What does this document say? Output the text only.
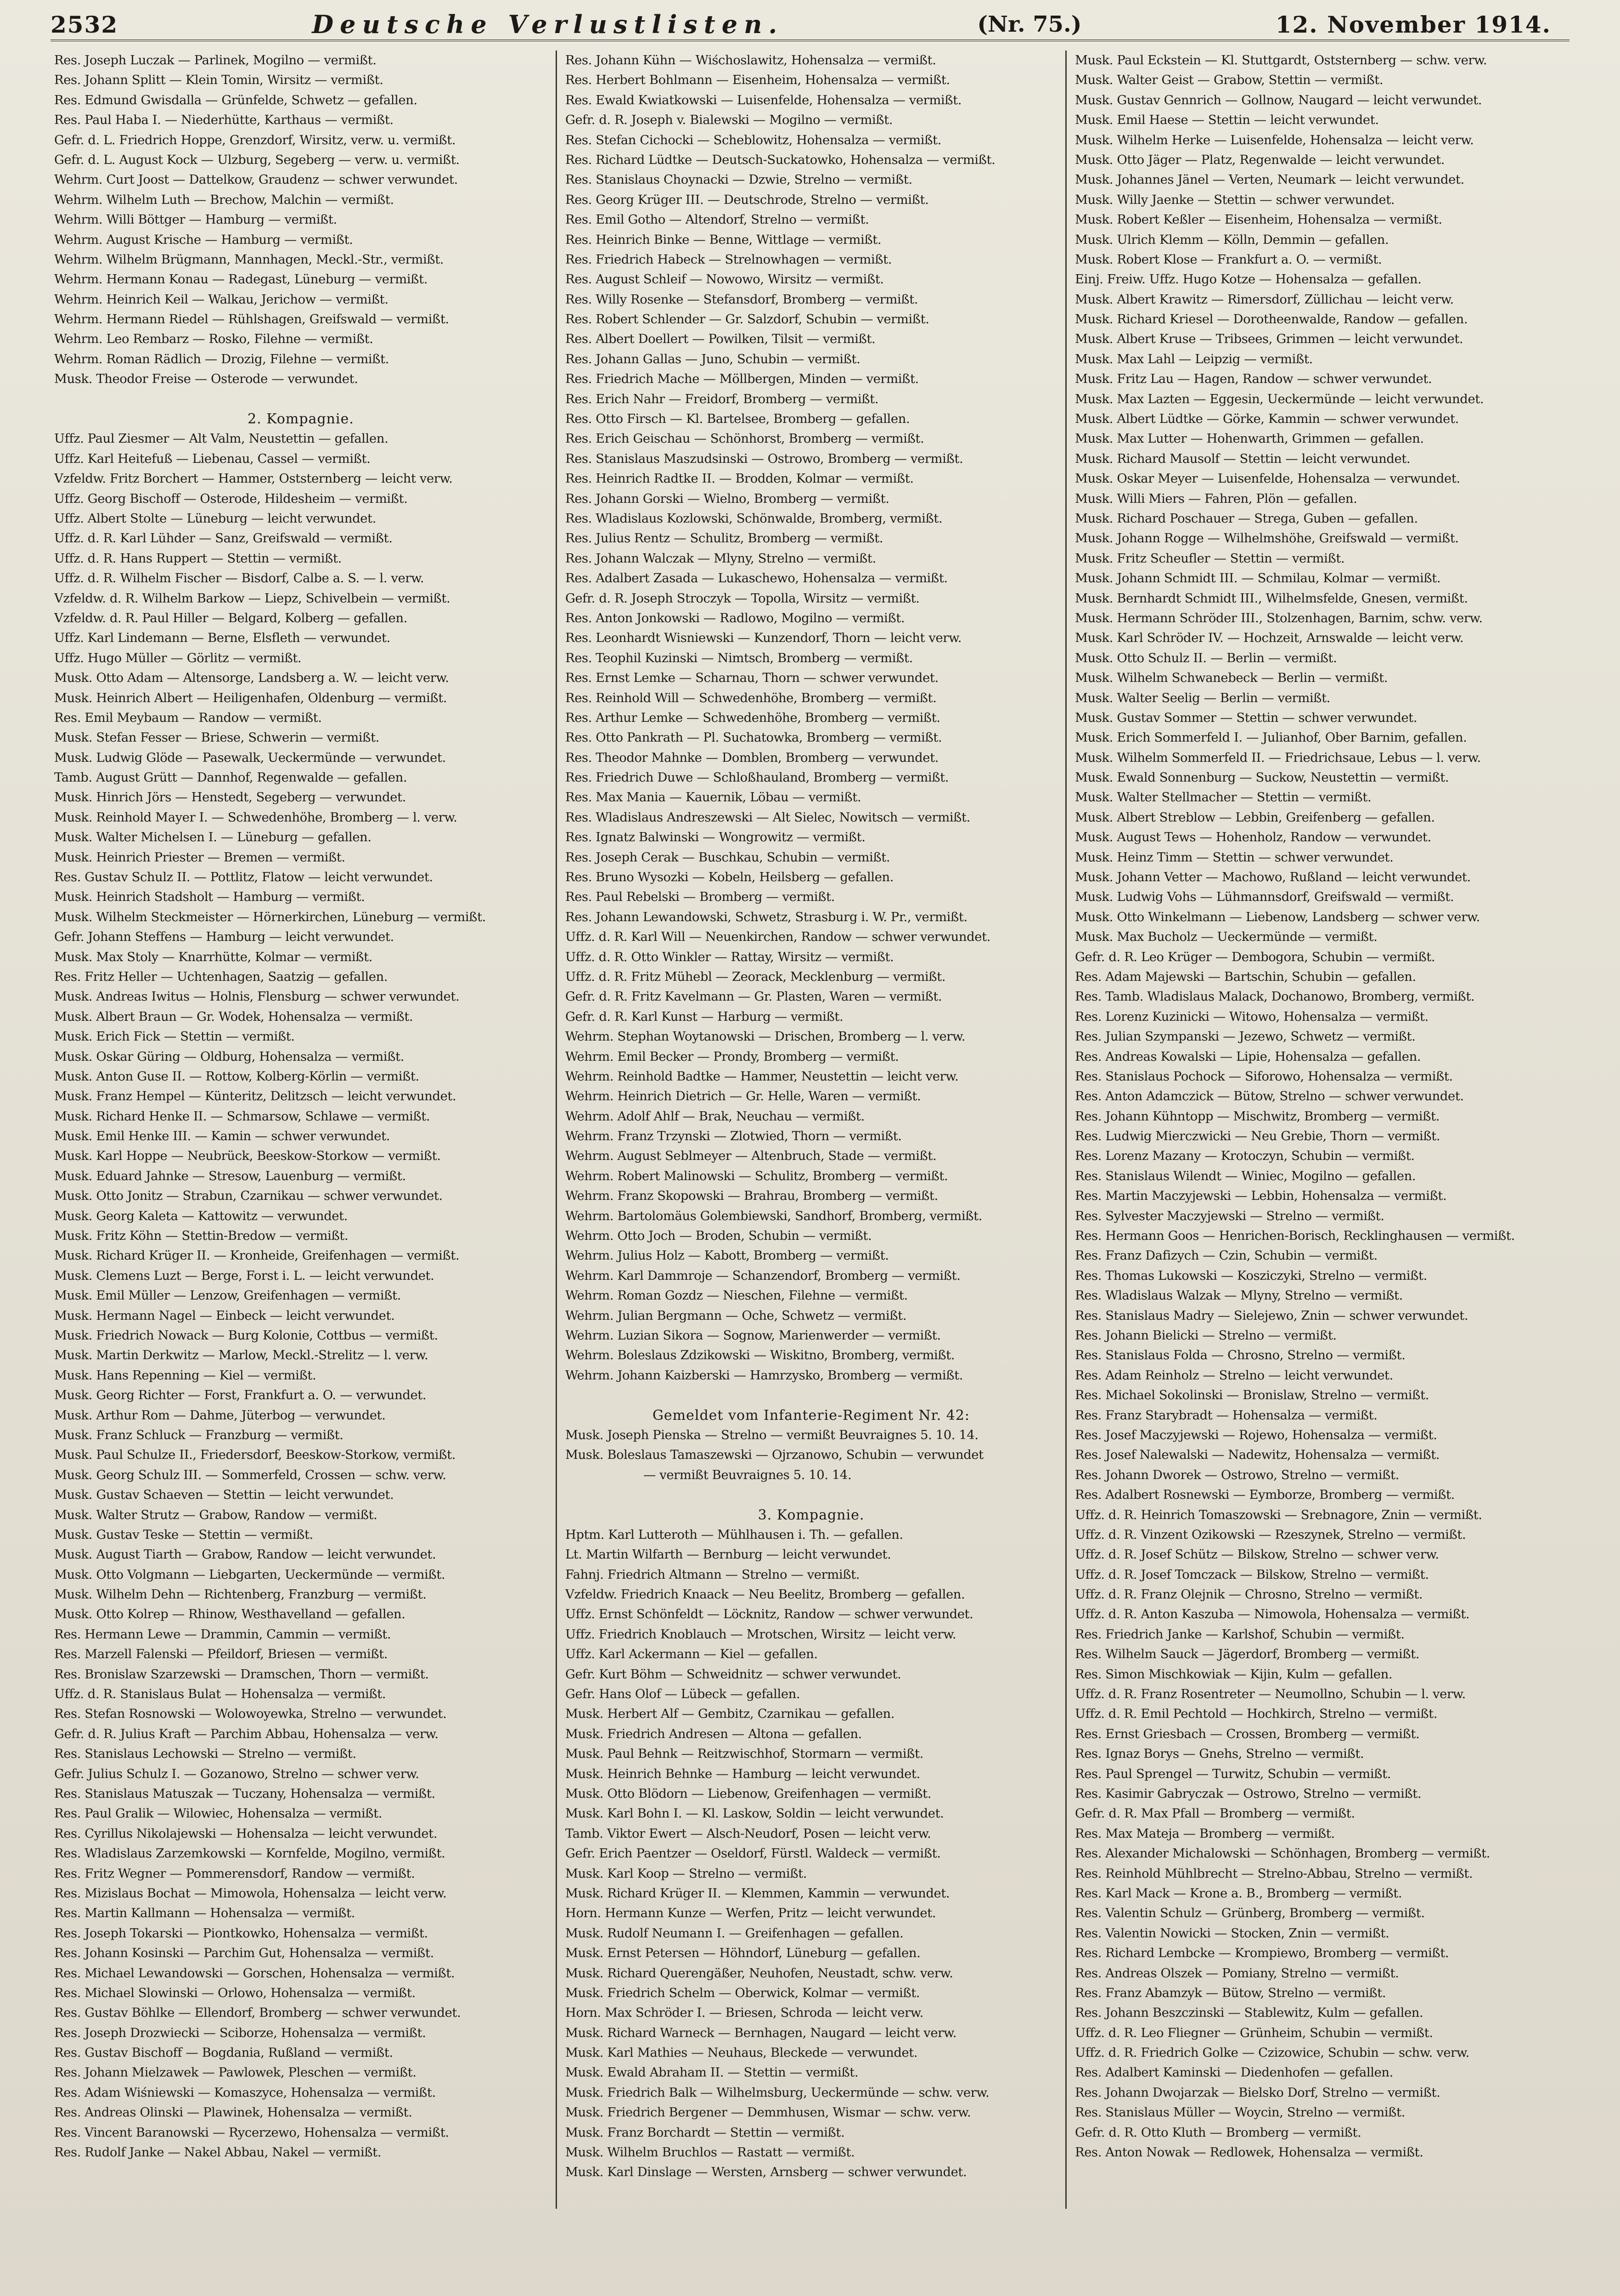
2532	Deutsche Verlustlisten.	(Nr. 75.)	12. November 1914.
Res. Joseph Luczak — Parlinek, Mogilno — vermißt.
Res. Johann Splitt — Klein Tomin, Wirsitz — vermißt.
Res. Edmund Gwisdalla — Grünfelde, Schwetz — gefallen.
Res. Paul Haba I. — Niederhütte, Karthaus — vermißt.
Gefr. d. L. Friedrich Hoppe, Grenzdorf, Wirsitz, verw. u. vermißt.
Gefr. d. L. August Kock — Ulzburg, Segeberg — verw. u. vermißt.
Wehrm. Curt Joost — Dattelkow, Graudenz — schwer verwundet.
Wehrm. Wilhelm Luth — Brechow, Malchin — vermißt.
Wehrm. Willi Böttger — Hamburg — vermißt.
Wehrm. August Krische — Hamburg — vermißt.
Wehrm. Wilhelm Brügmann, Mannhagen, Meckl.-Str., vermißt.
Wehrm. Hermann Konau — Radegast, Lüneburg — vermißt.
Wehrm. Heinrich Keil — Walkau, Jerichow — vermißt.
Wehrm. Hermann Riedel — Rühlshagen, Greifswald — vermißt.
Wehrm. Leo Rembarz — Rosko, Filehne — vermißt.
Wehrm. Roman Rädlich — Drozig, Filehne — vermißt.
Musk. Theodor Freise — Osterode — verwundet.
2. Kompagnie.
Uffz. Paul Ziesmer — Alt Valm, Neustettin — gefallen.
Uffz. Karl Heitefuß — Liebenau, Cassel — vermißt.
Vzfeldw. Fritz Borchert — Hammer, Oststernberg — leicht verw.
Uffz. Georg Bischoff — Osterode, Hildesheim — vermißt.
Uffz. Albert Stolte — Lüneburg — leicht verwundet.
Uffz. d. R. Karl Lühder — Sanz, Greifswald — vermißt.
Uffz. d. R. Hans Ruppert — Stettin — vermißt.
Uffz. d. R. Wilhelm Fischer — Bisdorf, Calbe a. S. — l. verw.
Vzfeldw. d. R. Wilhelm Barkow — Liepz, Schivelbein — vermißt.
Vzfeldw. d. R. Paul Hiller — Belgard, Kolberg — gefallen.
Uffz. Karl Lindemann — Berne, Elsfleth — verwundet.
Uffz. Hugo Müller — Görlitz — vermißt.
Musk. Otto Adam — Altensorge, Landsberg a. W. — leicht verw.
Musk. Heinrich Albert — Heiligenhafen, Oldenburg — vermißt.
Res. Emil Meybaum — Randow — vermißt.
Musk. Stefan Fesser — Briese, Schwerin — vermißt.
Musk. Ludwig Glöde — Pasewalk, Ueckermünde — verwundet.
Tamb. August Grütt — Dannhof, Regenwalde — gefallen.
Musk. Hinrich Jörs — Henstedt, Segeberg — verwundet.
Musk. Reinhold Mayer I. — Schwedenhöhe, Bromberg — l. verw.
Musk. Walter Michelsen I. — Lüneburg — gefallen.
Musk. Heinrich Priester — Bremen — vermißt.
Res. Gustav Schulz II. — Pottlitz, Flatow — leicht verwundet.
Musk. Heinrich Stadsholt — Hamburg — vermißt.
Musk. Wilhelm Steckmeister — Hörnerkirchen, Lüneburg — vermißt.
Gefr. Johann Steffens — Hamburg — leicht verwundet.
Musk. Max Stoly — Knarrhütte, Kolmar — vermißt.
Res. Fritz Heller — Uchtenhagen, Saatzig — gefallen.
Musk. Andreas Iwitus — Holnis, Flensburg — schwer verwundet.
Musk. Albert Braun — Gr. Wodek, Hohensalza — vermißt.
Musk. Erich Fick — Stettin — vermißt.
Musk. Oskar Güring — Oldburg, Hohensalza — vermißt.
Musk. Anton Guse II. — Rottow, Kolberg-Körlin — vermißt.
Musk. Franz Hempel — Künteritz, Delitzsch — leicht verwundet.
Musk. Richard Henke II. — Schmarsow, Schlawe — vermißt.
Musk. Emil Henke III. — Kamin — schwer verwundet.
Musk. Karl Hoppe — Neubrück, Beeskow-Storkow — vermißt.
Musk. Eduard Jahnke — Stresow, Lauenburg — vermißt.
Musk. Otto Jonitz — Strabun, Czarnikau — schwer verwundet.
Musk. Georg Kaleta — Kattowitz — verwundet.
Musk. Fritz Köhn — Stettin-Bredow — vermißt.
Musk. Richard Krüger II. — Kronheide, Greifenhagen — vermißt.
Musk. Clemens Luzt — Berge, Forst i. L. — leicht verwundet.
Musk. Emil Müller — Lenzow, Greifenhagen — vermißt.
Musk. Hermann Nagel — Einbeck — leicht verwundet.
Musk. Friedrich Nowack — Burg Kolonie, Cottbus — vermißt.
Musk. Martin Derkwitz — Marlow, Meckl.-Strelitz — l. verw.
Musk. Hans Repenning — Kiel — vermißt.
Musk. Georg Richter — Forst, Frankfurt a. O. — verwundet.
Musk. Arthur Rom — Dahme, Jüterbog — verwundet.
Musk. Franz Schluck — Franzburg — vermißt.
Musk. Paul Schulze II., Friedersdorf, Beeskow-Storkow, vermißt.
Musk. Georg Schulz III. — Sommerfeld, Crossen — schw. verw.
Musk. Gustav Schaeven — Stettin — leicht verwundet.
Musk. Walter Strutz — Grabow, Randow — vermißt.
Musk. Gustav Teske — Stettin — vermißt.
Musk. August Tiarth — Grabow, Randow — leicht verwundet.
Musk. Otto Volgmann — Liebgarten, Ueckermünde — vermißt.
Musk. Wilhelm Dehn — Richtenberg, Franzburg — vermißt.
Musk. Otto Kolrep — Rhinow, Westhavelland — gefallen.
Res. Hermann Lewe — Drammin, Cammin — vermißt.
Res. Marzell Falenski — Pfeildorf, Briesen — vermißt.
Res. Bronislaw Szarzewski — Dramschen, Thorn — vermißt.
Uffz. d. R. Stanislaus Bulat — Hohensalza — vermißt.
Res. Stefan Rosnowski — Wolowoyewka, Strelno — verwundet.
Gefr. d. R. Julius Kraft — Parchim Abbau, Hohensalza — verw.
Res. Stanislaus Lechowski — Strelno — vermißt.
Gefr. Julius Schulz I. — Gozanowo, Strelno — schwer verw.
Res. Stanislaus Matuszak — Tuczany, Hohensalza — vermißt.
Res. Paul Gralik — Wilowiec, Hohensalza — vermißt.
Res. Cyrillus Nikolajewski — Hohensalza — leicht verwundet.
Res. Wladislaus Zarzemkowski — Kornfelde, Mogilno, vermißt.
Res. Fritz Wegner — Pommerensdorf, Randow — vermißt.
Res. Mizislaus Bochat — Mimowola, Hohensalza — leicht verw.
Res. Martin Kallmann — Hohensalza — vermißt.
Res. Joseph Tokarski — Piontkowko, Hohensalza — vermißt.
Res. Johann Kosinski — Parchim Gut, Hohensalza — vermißt.
Res. Michael Lewandowski — Gorschen, Hohensalza — vermißt.
Res. Michael Slowinski — Orlowo, Hohensalza — vermißt.
Res. Gustav Böhlke — Ellendorf, Bromberg — schwer verwundet.
Res. Joseph Drozwiecki — Sciborze, Hohensalza — vermißt.
Res. Gustav Bischoff — Bogdania, Rußland — vermißt.
Res. Johann Mielzawek — Pawlowek, Pleschen — vermißt.
Res. Adam Wiśniewski — Komaszyce, Hohensalza — vermißt.
Res. Andreas Olinski — Plawinek, Hohensalza — vermißt.
Res. Vincent Baranowski — Rycerzewo, Hohensalza — vermißt.
Res. Rudolf Janke — Nakel Abbau, Nakel — vermißt.
Res. Johann Kühn — Wiśchoslawitz, Hohensalza — vermißt.
Res. Herbert Bohlmann — Eisenheim, Hohensalza — vermißt.
Res. Ewald Kwiatkowski — Luisenfelde, Hohensalza — vermißt.
Gefr. d. R. Joseph v. Bialewski — Mogilno — vermißt.
Res. Stefan Cichocki — Scheblowitz, Hohensalza — vermißt.
Res. Richard Lüdtke — Deutsch-Suckatowko, Hohensalza — vermißt.
Res. Stanislaus Choynacki — Dzwie, Strelno — vermißt.
Res. Georg Krüger III. — Deutschrode, Strelno — vermißt.
Res. Emil Gotho — Altendorf, Strelno — vermißt.
Res. Heinrich Binke — Benne, Wittlage — vermißt.
Res. Friedrich Habeck — Strelnowhagen — vermißt.
Res. August Schleif — Nowowo, Wirsitz — vermißt.
Res. Willy Rosenke — Stefansdorf, Bromberg — vermißt.
Res. Robert Schlender — Gr. Salzdorf, Schubin — vermißt.
Res. Albert Doellert — Powilken, Tilsit — vermißt.
Res. Johann Gallas — Juno, Schubin — vermißt.
Res. Friedrich Mache — Möllbergen, Minden — vermißt.
Res. Erich Nahr — Freidorf, Bromberg — vermißt.
Res. Otto Firsch — Kl. Bartelsee, Bromberg — gefallen.
Res. Erich Geischau — Schönhorst, Bromberg — vermißt.
Res. Stanislaus Maszudsinski — Ostrowo, Bromberg — vermißt.
Res. Heinrich Radtke II. — Brodden, Kolmar — vermißt.
Res. Johann Gorski — Wielno, Bromberg — vermißt.
Res. Wladislaus Kozlowski, Schönwalde, Bromberg, vermißt.
Res. Julius Rentz — Schulitz, Bromberg — vermißt.
Res. Johann Walczak — Mlyny, Strelno — vermißt.
Res. Adalbert Zasada — Lukaschewo, Hohensalza — vermißt.
Gefr. d. R. Joseph Stroczyk — Topolla, Wirsitz — vermißt.
Res. Anton Jonkowski — Radlowo, Mogilno — vermißt.
Res. Leonhardt Wisniewski — Kunzendorf, Thorn — leicht verw.
Res. Teophil Kuzinski — Nimtsch, Bromberg — vermißt.
Res. Ernst Lemke — Scharnau, Thorn — schwer verwundet.
Res. Reinhold Will — Schwedenhöhe, Bromberg — vermißt.
Res. Arthur Lemke — Schwedenhöhe, Bromberg — vermißt.
Res. Otto Pankrath — Pl. Suchatowka, Bromberg — vermißt.
Res. Theodor Mahnke — Domblen, Bromberg — verwundet.
Res. Friedrich Duwe — Schloßhauland, Bromberg — vermißt.
Res. Max Mania — Kauernik, Löbau — vermißt.
Res. Wladislaus Andreszewski — Alt Sielec, Nowitsch — vermißt.
Res. Ignatz Balwinski — Wongrowitz — vermißt.
Res. Joseph Cerak — Buschkau, Schubin — vermißt.
Res. Bruno Wysozki — Kobeln, Heilsberg — gefallen.
Res. Paul Rebelski — Bromberg — vermißt.
Res. Johann Lewandowski, Schwetz, Strasburg i. W. Pr., vermißt.
Uffz. d. R. Karl Will — Neuenkirchen, Randow — schwer verwundet.
Uffz. d. R. Otto Winkler — Rattay, Wirsitz — vermißt.
Uffz. d. R. Fritz Mühebl — Zeorack, Mecklenburg — vermißt.
Gefr. d. R. Fritz Kavelmann — Gr. Plasten, Waren — vermißt.
Gefr. d. R. Karl Kunst — Harburg — vermißt.
Wehrm. Stephan Woytanowski — Drischen, Bromberg — l. verw.
Wehrm. Emil Becker — Prondy, Bromberg — vermißt.
Wehrm. Reinhold Badtke — Hammer, Neustettin — leicht verw.
Wehrm. Heinrich Dietrich — Gr. Helle, Waren — vermißt.
Wehrm. Adolf Ahlf — Brak, Neuchau — vermißt.
Wehrm. Franz Trzynski — Zlotwied, Thorn — vermißt.
Wehrm. August Seblmeyer — Altenbruch, Stade — vermißt.
Wehrm. Robert Malinowski — Schulitz, Bromberg — vermißt.
Wehrm. Franz Skopowski — Brahrau, Bromberg — vermißt.
Wehrm. Bartolomäus Golembiewski, Sandhorf, Bromberg, vermißt.
Wehrm. Otto Joch — Broden, Schubin — vermißt.
Wehrm. Julius Holz — Kabott, Bromberg — vermißt.
Wehrm. Karl Dammroje — Schanzendorf, Bromberg — vermißt.
Wehrm. Roman Gozdz — Nieschen, Filehne — vermißt.
Wehrm. Julian Bergmann — Oche, Schwetz — vermißt.
Wehrm. Luzian Sikora — Sognow, Marienwerder — vermißt.
Wehrm. Boleslaus Zdzikowski — Wiskitno, Bromberg, vermißt.
Wehrm. Johann Kaizberski — Hamrzysko, Bromberg — vermißt.
Gemeldet vom Infanterie-Regiment Nr. 42:
Musk. Joseph Pienska — Strelno — vermißt Beuvraignes 5. 10. 14.
Musk. Boleslaus Tamaszewski — Ojrzanowo, Schubin — verwundet
— vermißt Beuvraignes 5. 10. 14.
3. Kompagnie.
Hptm. Karl Lutteroth — Mühlhausen i. Th. — gefallen.
Lt. Martin Wilfarth — Bernburg — leicht verwundet.
Fahnj. Friedrich Altmann — Strelno — vermißt.
Vzfeldw. Friedrich Knaack — Neu Beelitz, Bromberg — gefallen.
Uffz. Ernst Schönfeldt — Löcknitz, Randow — schwer verwundet.
Uffz. Friedrich Knoblauch — Mrotschen, Wirsitz — leicht verw.
Uffz. Karl Ackermann — Kiel — gefallen.
Gefr. Kurt Böhm — Schweidnitz — schwer verwundet.
Gefr. Hans Olof — Lübeck — gefallen.
Musk. Herbert Alf — Gembitz, Czarnikau — gefallen.
Musk. Friedrich Andresen — Altona — gefallen.
Musk. Paul Behnk — Reitzwischhof, Stormarn — vermißt.
Musk. Heinrich Behnke — Hamburg — leicht verwundet.
Musk. Otto Blödorn — Liebenow, Greifenhagen — vermißt.
Musk. Karl Bohn I. — Kl. Laskow, Soldin — leicht verwundet.
Tamb. Viktor Ewert — Alsch-Neudorf, Posen — leicht verw.
Gefr. Erich Paentzer — Oseldorf, Fürstl. Waldeck — vermißt.
Musk. Karl Koop — Strelno — vermißt.
Musk. Richard Krüger II. — Klemmen, Kammin — verwundet.
Horn. Hermann Kunze — Werfen, Pritz — leicht verwundet.
Musk. Rudolf Neumann I. — Greifenhagen — gefallen.
Musk. Ernst Petersen — Höhndorf, Lüneburg — gefallen.
Musk. Richard Querengäßer, Neuhofen, Neustadt, schw. verw.
Musk. Friedrich Schelm — Oberwick, Kolmar — vermißt.
Horn. Max Schröder I. — Briesen, Schroda — leicht verw.
Musk. Richard Warneck — Bernhagen, Naugard — leicht verw.
Musk. Karl Mathies — Neuhaus, Bleckede — verwundet.
Musk. Ewald Abraham II. — Stettin — vermißt.
Musk. Friedrich Balk — Wilhelmsburg, Ueckermünde — schw. verw.
Musk. Friedrich Bergener — Demmhusen, Wismar — schw. verw.
Musk. Franz Borchardt — Stettin — vermißt.
Musk. Wilhelm Bruchlos — Rastatt — vermißt.
Musk. Karl Dinslage — Wersten, Arnsberg — schwer verwundet.
Musk. Paul Eckstein — Kl. Stuttgardt, Oststernberg — schw. verw.
Musk. Walter Geist — Grabow, Stettin — vermißt.
Musk. Gustav Gennrich — Gollnow, Naugard — leicht verwundet.
Musk. Emil Haese — Stettin — leicht verwundet.
Musk. Wilhelm Herke — Luisenfelde, Hohensalza — leicht verw.
Musk. Otto Jäger — Platz, Regenwalde — leicht verwundet.
Musk. Johannes Jänel — Verten, Neumark — leicht verwundet.
Musk. Willy Jaenke — Stettin — schwer verwundet.
Musk. Robert Keßler — Eisenheim, Hohensalza — vermißt.
Musk. Ulrich Klemm — Kölln, Demmin — gefallen.
Musk. Robert Klose — Frankfurt a. O. — vermißt.
Einj. Freiw. Uffz. Hugo Kotze — Hohensalza — gefallen.
Musk. Albert Krawitz — Rimersdorf, Züllichau — leicht verw.
Musk. Richard Kriesel — Dorotheenwalde, Randow — gefallen.
Musk. Albert Kruse — Tribsees, Grimmen — leicht verwundet.
Musk. Max Lahl — Leipzig — vermißt.
Musk. Fritz Lau — Hagen, Randow — schwer verwundet.
Musk. Max Lazten — Eggesin, Ueckermünde — leicht verwundet.
Musk. Albert Lüdtke — Görke, Kammin — schwer verwundet.
Musk. Max Lutter — Hohenwarth, Grimmen — gefallen.
Musk. Richard Mausolf — Stettin — leicht verwundet.
Musk. Oskar Meyer — Luisenfelde, Hohensalza — verwundet.
Musk. Willi Miers — Fahren, Plön — gefallen.
Musk. Richard Poschauer — Strega, Guben — gefallen.
Musk. Johann Rogge — Wilhelmshöhe, Greifswald — vermißt.
Musk. Fritz Scheufler — Stettin — vermißt.
Musk. Johann Schmidt III. — Schmilau, Kolmar — vermißt.
Musk. Bernhardt Schmidt III., Wilhelmsfelde, Gnesen, vermißt.
Musk. Hermann Schröder III., Stolzenhagen, Barnim, schw. verw.
Musk. Karl Schröder IV. — Hochzeit, Arnswalde — leicht verw.
Musk. Otto Schulz II. — Berlin — vermißt.
Musk. Wilhelm Schwanebeck — Berlin — vermißt.
Musk. Walter Seelig — Berlin — vermißt.
Musk. Gustav Sommer — Stettin — schwer verwundet.
Musk. Erich Sommerfeld I. — Julianhof, Ober Barnim, gefallen.
Musk. Wilhelm Sommerfeld II. — Friedrichsaue, Lebus — l. verw.
Musk. Ewald Sonnenburg — Suckow, Neustettin — vermißt.
Musk. Walter Stellmacher — Stettin — vermißt.
Musk. Albert Streblow — Lebbin, Greifenberg — gefallen.
Musk. August Tews — Hohenholz, Randow — verwundet.
Musk. Heinz Timm — Stettin — schwer verwundet.
Musk. Johann Vetter — Machowo, Rußland — leicht verwundet.
Musk. Ludwig Vohs — Lühmannsdorf, Greifswald — vermißt.
Musk. Otto Winkelmann — Liebenow, Landsberg — schwer verw.
Musk. Max Bucholz — Ueckermünde — vermißt.
Gefr. d. R. Leo Krüger — Dembogora, Schubin — vermißt.
Res. Adam Majewski — Bartschin, Schubin — gefallen.
Res. Tamb. Wladislaus Malack, Dochanowo, Bromberg, vermißt.
Res. Lorenz Kuzinicki — Witowo, Hohensalza — vermißt.
Res. Julian Szympanski — Jezewo, Schwetz — vermißt.
Res. Andreas Kowalski — Lipie, Hohensalza — gefallen.
Res. Stanislaus Pochock — Siforowo, Hohensalza — vermißt.
Res. Anton Adamczick — Bütow, Strelno — schwer verwundet.
Res. Johann Kühntopp — Mischwitz, Bromberg — vermißt.
Res. Ludwig Mierczwicki — Neu Grebie, Thorn — vermißt.
Res. Lorenz Mazany — Krotoczyn, Schubin — vermißt.
Res. Stanislaus Wilendt — Winiec, Mogilno — gefallen.
Res. Martin Maczyjewski — Lebbin, Hohensalza — vermißt.
Res. Sylvester Maczyjewski — Strelno — vermißt.
Res. Hermann Goos — Henrichen-Borisch, Recklinghausen — vermißt.
Res. Franz Dafizych — Czin, Schubin — vermißt.
Res. Thomas Lukowski — Kosziczyki, Strelno — vermißt.
Res. Wladislaus Walzak — Mlyny, Strelno — vermißt.
Res. Stanislaus Madry — Sielejewo, Znin — schwer verwundet.
Res. Johann Bielicki — Strelno — vermißt.
Res. Stanislaus Folda — Chrosno, Strelno — vermißt.
Res. Adam Reinholz — Strelno — leicht verwundet.
Res. Michael Sokolinski — Bronislaw, Strelno — vermißt.
Res. Franz Starybradt — Hohensalza — vermißt.
Res. Josef Maczyjewski — Rojewo, Hohensalza — vermißt.
Res. Josef Nalewalski — Nadewitz, Hohensalza — vermißt.
Res. Johann Dworek — Ostrowo, Strelno — vermißt.
Res. Adalbert Rosnewski — Eymborze, Bromberg — vermißt.
Uffz. d. R. Heinrich Tomaszowski — Srebnagore, Znin — vermißt.
Uffz. d. R. Vinzent Ozikowski — Rzeszynek, Strelno — vermißt.
Uffz. d. R. Josef Schütz — Bilskow, Strelno — schwer verw.
Uffz. d. R. Josef Tomczack — Bilskow, Strelno — vermißt.
Uffz. d. R. Franz Olejnik — Chrosno, Strelno — vermißt.
Uffz. d. R. Anton Kaszuba — Nimowola, Hohensalza — vermißt.
Res. Friedrich Janke — Karlshof, Schubin — vermißt.
Res. Wilhelm Sauck — Jägerdorf, Bromberg — vermißt.
Res. Simon Mischkowiak — Kijin, Kulm — gefallen.
Uffz. d. R. Franz Rosentreter — Neumollno, Schubin — l. verw.
Uffz. d. R. Emil Pechtold — Hochkirch, Strelno — vermißt.
Res. Ernst Griesbach — Crossen, Bromberg — vermißt.
Res. Ignaz Borys — Gnehs, Strelno — vermißt.
Res. Paul Sprengel — Turwitz, Schubin — vermißt.
Res. Kasimir Gabryczak — Ostrowo, Strelno — vermißt.
Gefr. d. R. Max Pfall — Bromberg — vermißt.
Res. Max Mateja — Bromberg — vermißt.
Res. Alexander Michalowski — Schönhagen, Bromberg — vermißt.
Res. Reinhold Mühlbrecht — Strelno-Abbau, Strelno — vermißt.
Res. Karl Mack — Krone a. B., Bromberg — vermißt.
Res. Valentin Schulz — Grünberg, Bromberg — vermißt.
Res. Valentin Nowicki — Stocken, Znin — vermißt.
Res. Richard Lembcke — Krompiewo, Bromberg — vermißt.
Res. Andreas Olszek — Pomiany, Strelno — vermißt.
Res. Franz Abamzyk — Bütow, Strelno — vermißt.
Res. Johann Beszczinski — Stablewitz, Kulm — gefallen.
Uffz. d. R. Leo Fliegner — Grünheim, Schubin — vermißt.
Uffz. d. R. Friedrich Golke — Czizowice, Schubin — schw. verw.
Res. Adalbert Kaminski — Diedenhofen — gefallen.
Res. Johann Dwojarzak — Bielsko Dorf, Strelno — vermißt.
Res. Stanislaus Müller — Woycin, Strelno — vermißt.
Gefr. d. R. Otto Kluth — Bromberg — vermißt.
Res. Anton Nowak — Redlowek, Hohensalza — vermißt.
